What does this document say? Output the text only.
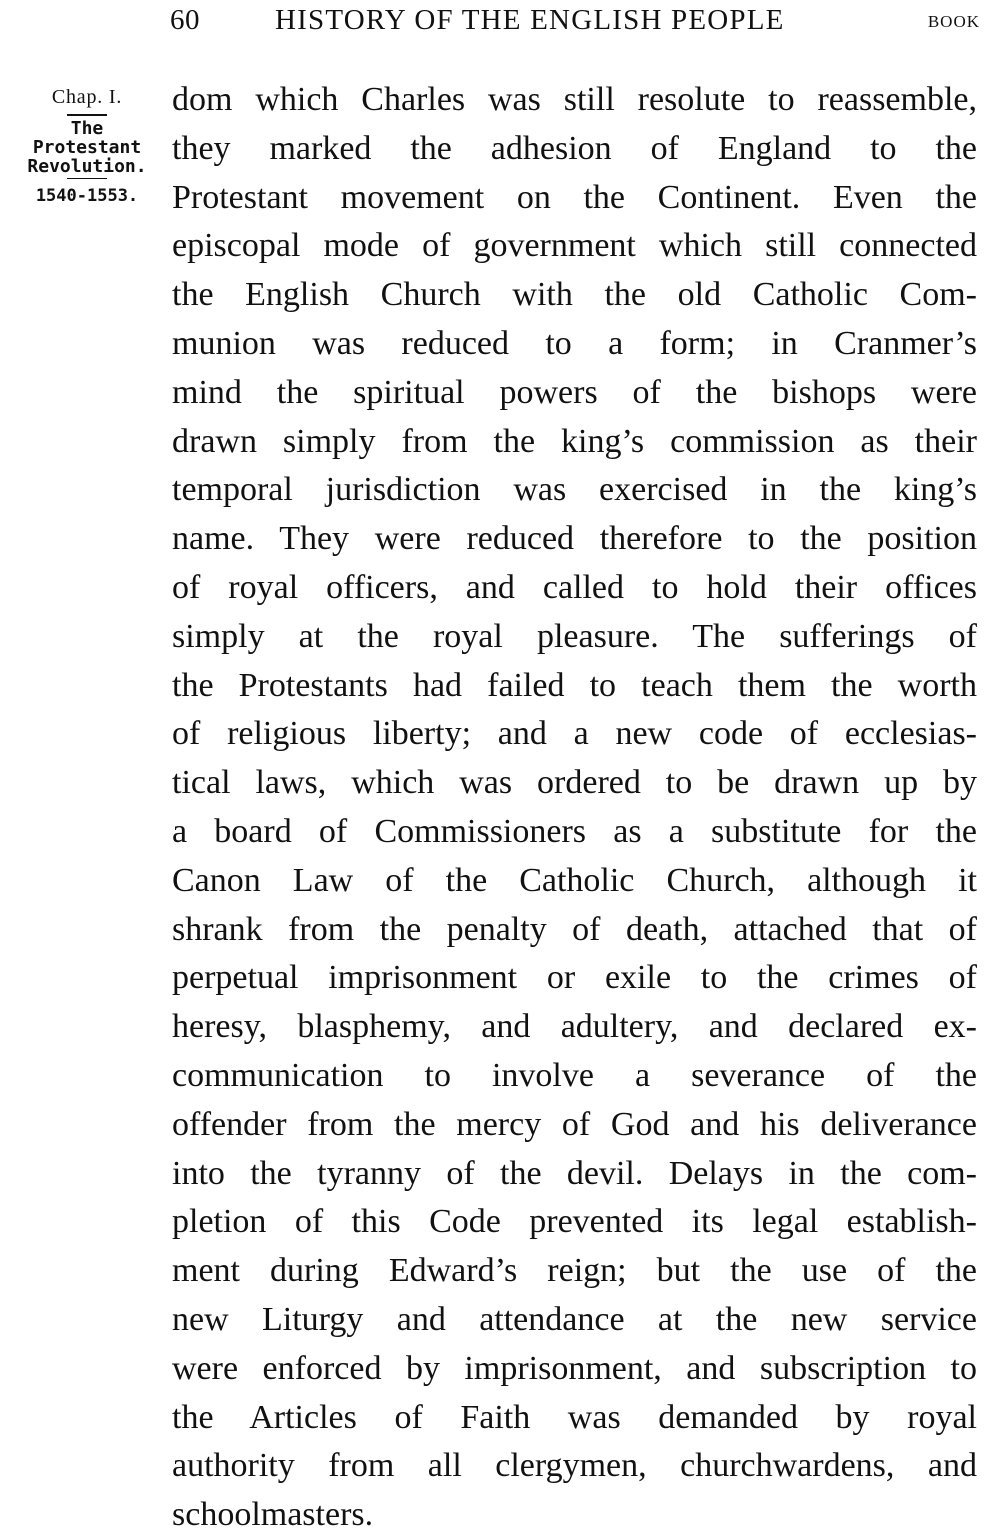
60	HISTORY OF THE ENGLISH PEOPLE	BOOK
Chap. I.
The
Protestant
Revolution.
1540-1553.
dom which Charles was still resolute to reassemble,
they marked the adhesion of England to the
Protestant movement on the Continent. Even the
episcopal mode of government which still connected
the English Church with the old Catholic Com-
munion was reduced to a form; in Cranmer’s
mind the spiritual powers of the bishops were
drawn simply from the king’s commission as their
temporal jurisdiction was exercised in the king’s
name. They were reduced therefore to the position
of royal officers, and called to hold their offices
simply at the royal pleasure. The sufferings of
the Protestants had failed to teach them the worth
of religious liberty; and a new code of ecclesias-
tical laws, which was ordered to be drawn up by
a board of Commissioners as a substitute for the
Canon Law of the Catholic Church, although it
shrank from the penalty of death, attached that of
perpetual imprisonment or exile to the crimes of
heresy, blasphemy, and adultery, and declared ex-
communication to involve a severance of the
offender from the mercy of God and his deliverance
into the tyranny of the devil. Delays in the com-
pletion of this Code prevented its legal establish-
ment during Edward’s reign; but the use of the
new Liturgy and attendance at the new service
were enforced by imprisonment, and subscription to
the Articles of Faith was demanded by royal
authority from all clergymen, churchwardens, and
schoolmasters.
